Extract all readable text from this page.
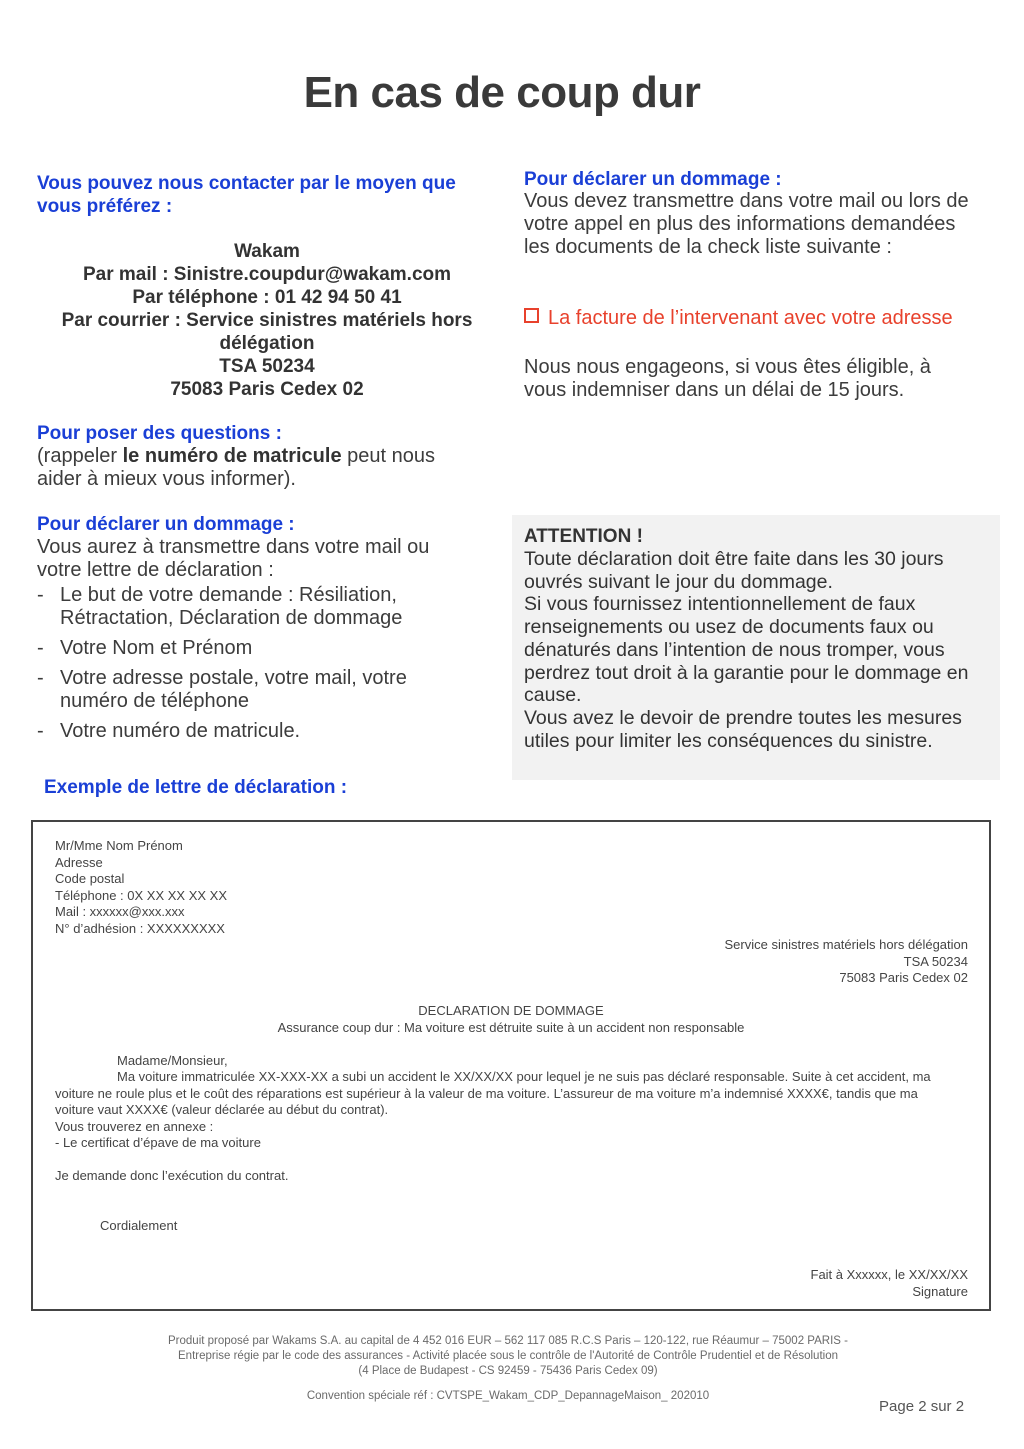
En cas de coup dur
Vous pouvez nous contacter par le moyen que vous préférez :
Wakam
Par mail : Sinistre.coupdur@wakam.com
Par téléphone : 01 42 94 50 41
Par courrier : Service sinistres matériels hors délégation
TSA 50234
75083 Paris Cedex 02
Pour poser des questions :
(rappeler le numéro de matricule peut nous aider à mieux vous informer).
Pour déclarer un dommage :
Vous aurez à transmettre dans votre mail ou votre lettre de déclaration :
- Le but de votre demande : Résiliation, Rétractation, Déclaration de dommage
- Votre Nom et Prénom
- Votre adresse postale, votre mail, votre numéro de téléphone
- Votre numéro de matricule.
Exemple de lettre de déclaration :
Pour déclarer un dommage :
Vous devez transmettre dans votre mail ou lors de votre appel en plus des informations demandées les documents de la check liste suivante :
La facture de l’intervenant avec votre adresse
Nous nous engageons, si vous êtes éligible, à vous indemniser dans un délai de 15 jours.
ATTENTION !
Toute déclaration doit être faite dans les 30 jours ouvrés suivant le jour du dommage.
Si vous fournissez intentionnellement de faux renseignements ou usez de documents faux ou dénaturés dans l’intention de nous tromper, vous perdrez tout droit à la garantie pour le dommage en cause.
Vous avez le devoir de prendre toutes les mesures utiles pour limiter les conséquences du sinistre.
Mr/Mme Nom Prénom
Adresse
Code postal
Téléphone : 0X XX XX XX XX
Mail : xxxxxx@xxx.xxx
N° d’adhésion : XXXXXXXXX
Service sinistres matériels hors délégation
TSA 50234
75083 Paris Cedex 02
DECLARATION DE DOMMAGE
Assurance coup dur : Ma voiture est détruite suite à un accident non responsable
Madame/Monsieur,
Ma voiture immatriculée XX-XXX-XX a subi un accident le XX/XX/XX pour lequel je ne suis pas déclaré responsable. Suite à cet accident, ma voiture ne roule plus et le coût des réparations est supérieur à la valeur de ma voiture. L’assureur de ma voiture m’a indemnisé XXXX€, tandis que ma voiture vaut XXXX€ (valeur déclarée au début du contrat).
Vous trouverez en annexe :
- Le certificat d’épave de ma voiture
Je demande donc l’exécution du contrat.
Cordialement
Fait à Xxxxxx, le XX/XX/XX
Signature
Produit proposé par Wakams S.A. au capital de 4 452 016 EUR – 562 117 085 R.C.S Paris – 120-122, rue Réaumur – 75002 PARIS -
Entreprise régie par le code des assurances - Activité placée sous le contrôle de l'Autorité de Contrôle Prudentiel et de Résolution
(4 Place de Budapest - CS 92459 - 75436 Paris Cedex 09)
Convention spéciale réf : CVTSPE_Wakam_CDP_DepannageMaison_ 202010
Page 2 sur 2
